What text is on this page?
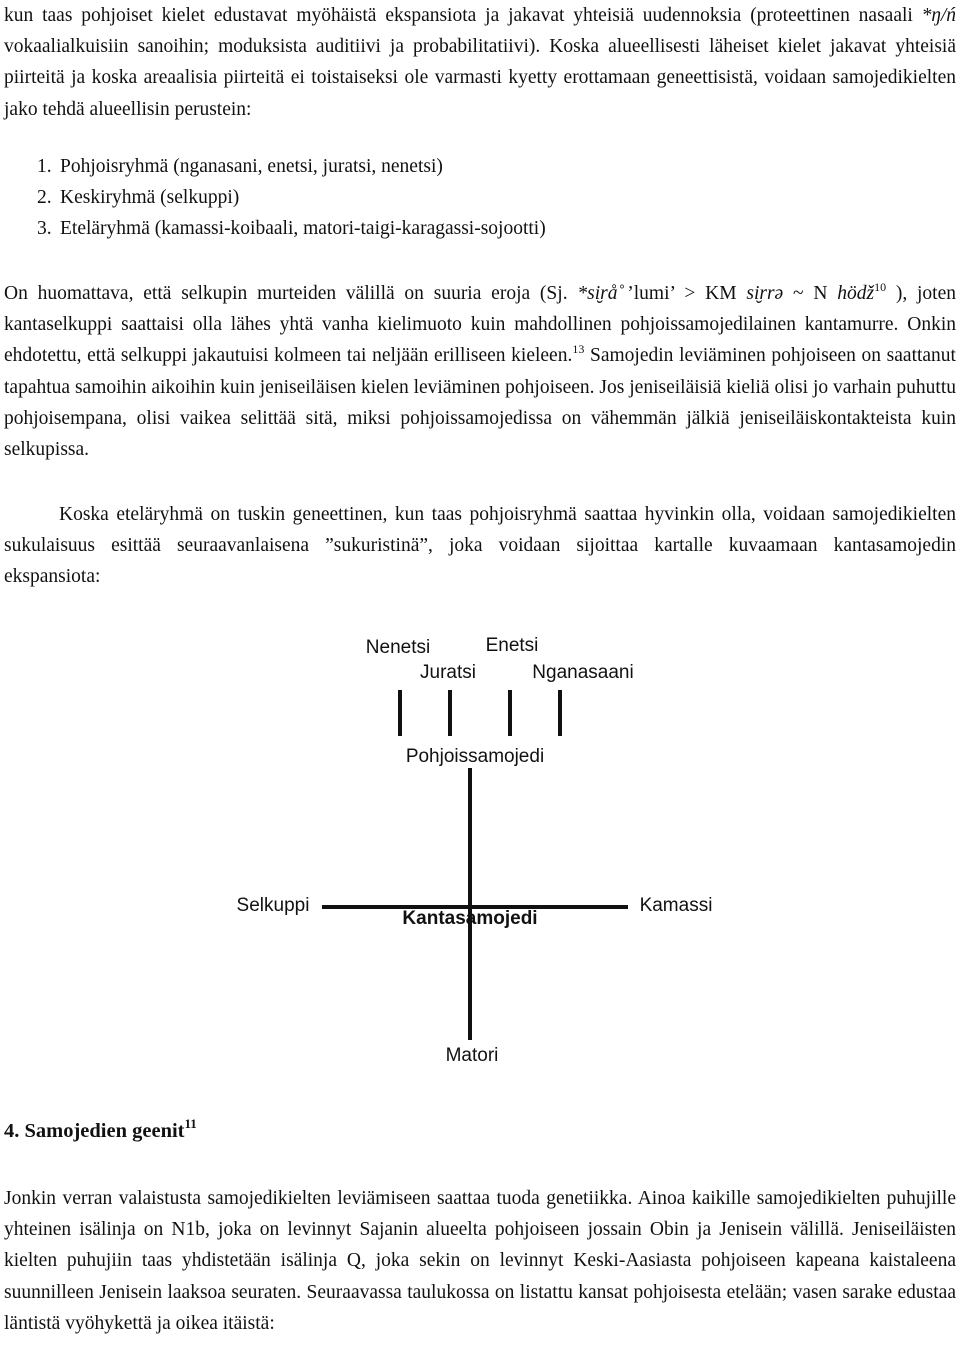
kun taas pohjoiset kielet edustavat myöhäistä ekspansiota ja jakavat yhteisiä uudennoksia (proteettinen nasaali *ŋ/ń vokaalialkuisiin sanoihin; moduksista auditiivi ja probabilitatiivi). Koska alueellisesti läheiset kielet jakavat yhteisiä piirteitä ja koska areaalisia piirteitä ei toistaiseksi ole varmasti kyetty erottamaan geneettisistä, voidaan samojedikielten jako tehdä alueellisin perustein:

1. Pohjoisryhmä (nganasani, enetsi, juratsi, nenetsi)
2. Keskiryhmä (selkuppi)
3. Eteläryhmä (kamassi-koibaali, matori-taigi-karagassi-sojootti)

On huomattava, että selkupin murteiden välillä on suuria eroja (Sj. *si̮rå̊ ’lumi’ > KM si̮rrə ~ N hödž$^{10}$ ), joten kantaselkuppi saattaisi olla lähes yhtä vanha kielimuoto kuin mahdollinen pohjoissamojedilainen kantamurre. Onkin ehdotettu, että selkuppi jakautuisi kolmeen tai neljään erilliseen kieleen.$^{13}$ Samojedin leviäminen pohjoiseen on saattanut tapahtua samoihin aikoihin kuin jeniseiläisen kielen leviäminen pohjoiseen. Jos jeniseiläisiä kieliä olisi jo varhain puhuttu pohjoisempana, olisi vaikea selittää sitä, miksi pohjoissamojedissa on vähemmän jälkiä jeniseiläiskontakteista kuin selkupissa.

Koska eteläryhmä on tuskin geneettinen, kun taas pohjoisryhmä saattaa hyvinkin olla, voidaan samojedikielten sukulaisuus esittää seuraavanlaisena ”sukuristinä”, joka voidaan sijoittaa kartalle kuvaamaan kantasamojedin ekspansiota:

Nenetsi	Enetsi
Juratsi	Nganasaani
Pohjoissamojedi
Selkuppi
Kantasamojedi
Kamassi
Matori
4. Samojedien geenit$^{11}$

Jonkin verran valaistusta samojedikielten leviämiseen saattaa tuoda genetiikka. Ainoa kaikille samojedikielten puhujille yhteinen isälinja on N1b, joka on levinnyt Sajanin alueelta pohjoiseen jossain Obin ja Jenisein välillä. Jeniseiläisten kielten puhujiin taas yhdistetään isälinja Q, joka sekin on levinnyt Keski-Aasiasta pohjoiseen kapeana kaistaleena suunnilleen Jenisein laaksoa seuraten. Seuraavassa taulukossa on listattu kansat pohjoisesta etelään; vasen sarake edustaa läntistä vyöhykettä ja oikea itäistä:
